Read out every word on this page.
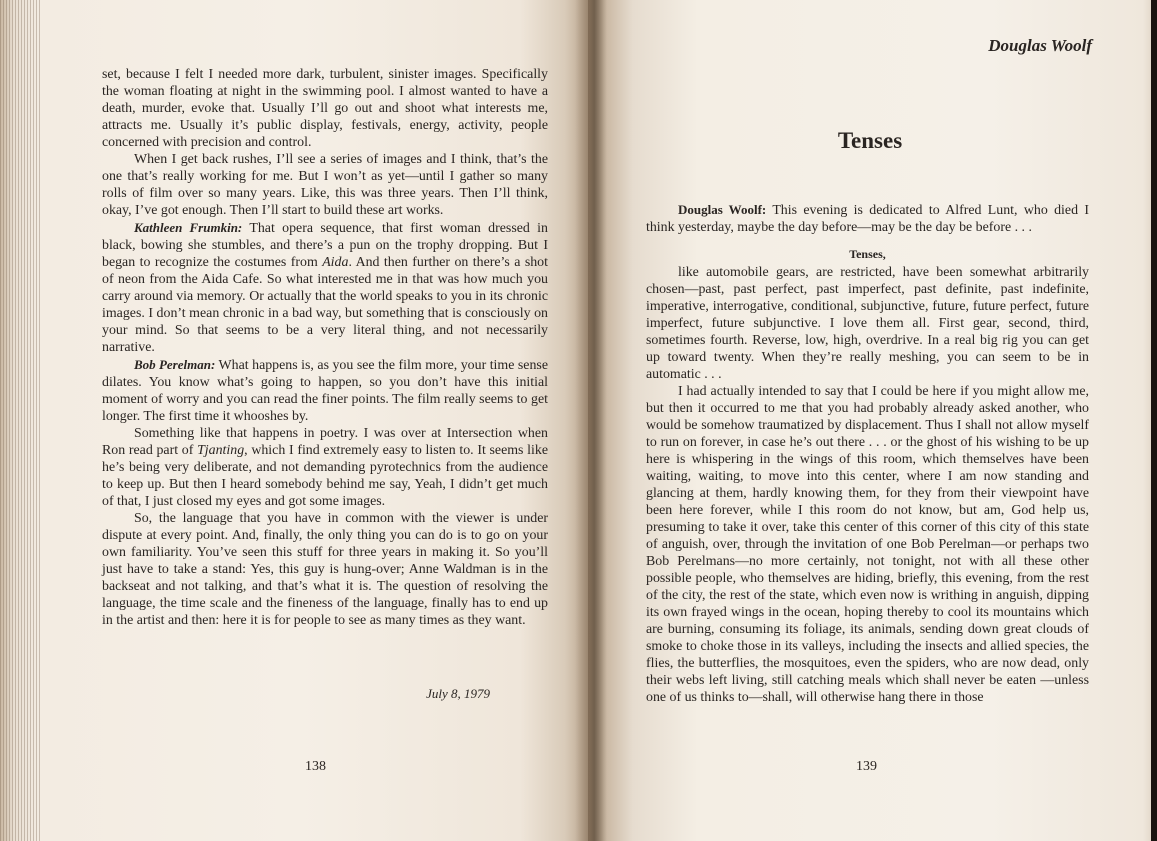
set, because I felt I needed more dark, turbulent, sinister images. Specifically the woman floating at night in the swimming pool. I almost wanted to have a death, murder, evoke that. Usually I’ll go out and shoot what interests me, attracts me. Usually it’s public display, festivals, energy, activity, people concerned with precision and control.

When I get back rushes, I’ll see a series of images and I think, that’s the one that’s really working for me. But I won’t as yet—until I gather so many rolls of film over so many years. Like, this was three years. Then I’ll think, okay, I’ve got enough. Then I’ll start to build these art works.

Kathleen Frumkin: That opera sequence, that first woman dressed in black, bowing she stumbles, and there’s a pun on the trophy dropping. But I began to recognize the costumes from Aida. And then further on there’s a shot of neon from the Aida Cafe. So what interested me in that was how much you carry around via memory. Or actually that the world speaks to you in its chronic images. I don’t mean chronic in a bad way, but something that is consciously on your mind. So that seems to be a very literal thing, and not necessarily narrative.

Bob Perelman: What happens is, as you see the film more, your time sense dilates. You know what’s going to happen, so you don’t have this initial moment of worry and you can read the finer points. The film really seems to get longer. The first time it whooshes by.

Something like that happens in poetry. I was over at Intersection when Ron read part of Tjanting, which I find extremely easy to listen to. It seems like he’s being very deliberate, and not demanding pyrotechnics from the audience to keep up. But then I heard somebody behind me say, Yeah, I didn’t get much of that, I just closed my eyes and got some images.

So, the language that you have in common with the viewer is under dispute at every point. And, finally, the only thing you can do is to go on your own familiarity. You’ve seen this stuff for three years in making it. So you’ll just have to take a stand: Yes, this guy is hung-over; Anne Waldman is in the backseat and not talking, and that’s what it is. The question of resolving the language, the time scale and the fineness of the language, finally has to end up in the artist and then: here it is for people to see as many times as they want.

July 8, 1979
138
Douglas Woolf
Tenses

Douglas Woolf: This evening is dedicated to Alfred Lunt, who died I think yesterday, maybe the day before—may be the day be before . . .

Tenses,

like automobile gears, are restricted, have been somewhat arbitrarily chosen—past, past perfect, past imperfect, past definite, past indefinite, imperative, interrogative, conditional, subjunctive, future, future perfect, future imperfect, future subjunctive. I love them all. First gear, second, third, sometimes fourth. Reverse, low, high, overdrive. In a real big rig you can get up toward twenty. When they’re really meshing, you can seem to be in automatic . . .

I had actually intended to say that I could be here if you might allow me, but then it occurred to me that you had probably already asked another, who would be somehow traumatized by displacement. Thus I shall not allow myself to run on forever, in case he’s out there . . . or the ghost of his wishing to be up here is whispering in the wings of this room, which themselves have been waiting, waiting, to move into this center, where I am now standing and glancing at them, hardly knowing them, for they from their viewpoint have been here forever, while I this room do not know, but am, God help us, presuming to take it over, take this center of this corner of this city of this state of anguish, over, through the invitation of one Bob Perelman—or perhaps two Bob Perelmans—no more certainly, not tonight, not with all these other possible people, who themselves are hiding, briefly, this evening, from the rest of the city, the rest of the state, which even now is writhing in anguish, dipping its own frayed wings in the ocean, hoping thereby to cool its mountains which are burning, consuming its foliage, its animals, sending down great clouds of smoke to choke those in its valleys, including the insects and allied species, the flies, the butterflies, the mosquitoes, even the spiders, who are now dead, only their webs left living, still catching meals which shall never be eaten —unless one of us thinks to—shall, will otherwise hang there in those

139
